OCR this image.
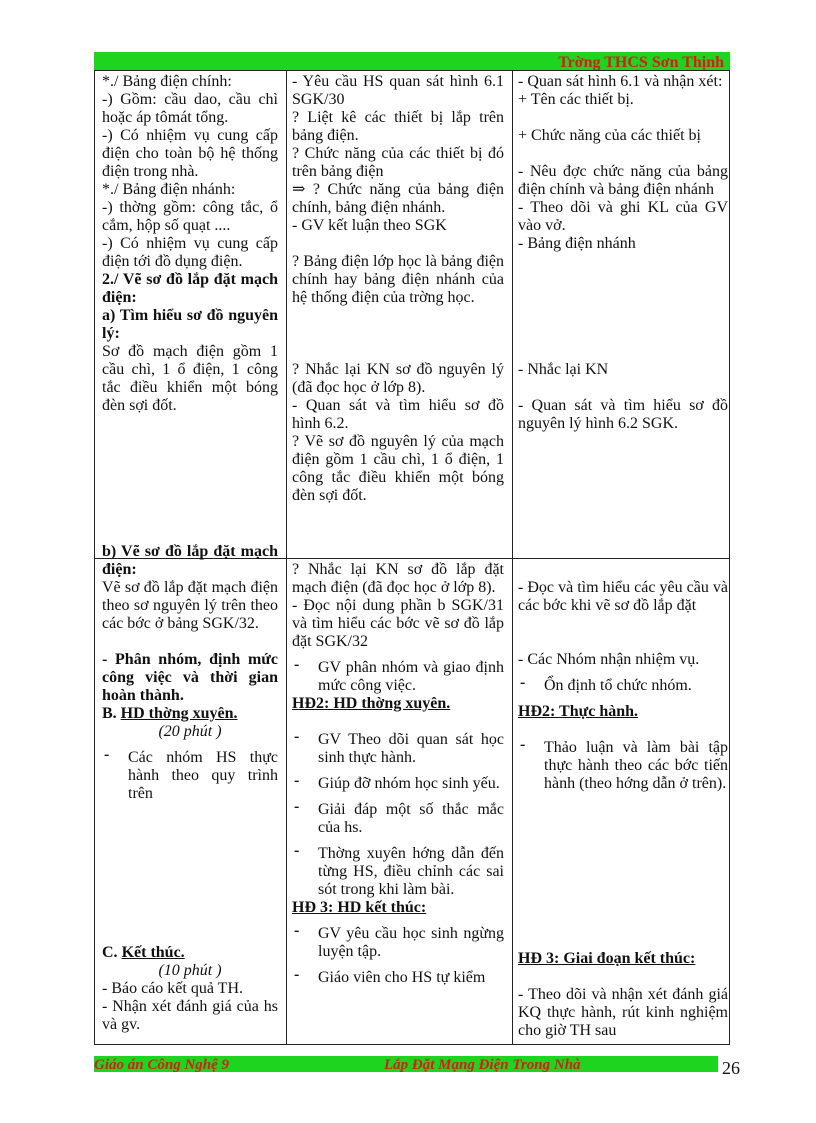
Trờng THCS Sơn Thịnh

*./ Bảng điện chính:

-) Gồm: cầu dao, cầu chì hoặc áp tômát tổng.

-) Có nhiệm vụ cung cấp điện cho toàn bộ hệ thống điện trong nhà.

*./ Bảng điện nhánh:

-) thờng gồm: công tắc, ổ cắm, hộp số quạt ....

-) Có nhiệm vụ cung cấp điện tới đồ dụng điện.

2./ Vẽ sơ đồ lắp đặt mạch điện:

a) Tìm hiểu sơ đồ nguyên lý:

Sơ đồ mạch điện gồm 1 cầu chì, 1 ổ điện, 1 công tắc điều khiển một bóng đèn sợi đốt.

b) Vẽ sơ đồ lắp đặt mạch điện:

Vẽ sơ đồ lắp đặt mạch điện theo sơ nguyên lý trên theo các bớc ở bảng SGK/32.

- Phân nhóm, định mức công việc và thời gian hoàn thành.

B. HD thờng xuyên.

(20 phút )

- Các nhóm HS thực hành theo quy trình trên

C. Kết thúc.

(10 phút )

- Báo cáo kết quả TH.

- Nhận xét đánh giá của hs và gv.

- Yêu cầu HS quan sát hình 6.1 SGK/30

? Liệt kê các thiết bị lắp trên bảng điện.

? Chức năng của các thiết bị đó trên bảng điện

⇒ ? Chức năng của bảng điện chính, bảng điện nhánh.

- GV kết luận theo SGK

? Bảng điện lớp học là bảng điện chính hay bảng điện nhánh của hệ thống điện của trờng học.

? Nhắc lại KN sơ đồ nguyên lý (đã đọc học ở lớp 8).

- Quan sát và tìm hiểu sơ đồ hình 6.2.

? Vẽ sơ đồ nguyên lý của mạch điện gồm 1 cầu chì, 1 ổ điện, 1 công tắc điều khiển một bóng đèn sợi đốt.

? Nhắc lại KN sơ đồ lắp đặt mạch điện (đã đọc học ở lớp 8).

- Đọc nội dung phần b SGK/31 và tìm hiểu các bớc vẽ sơ đồ lắp đặt SGK/32

- GV phân nhóm và giao định mức công việc.

HĐ2: HD thờng xuyên.

- GV Theo dõi quan sát học sinh thực hành.

- Giúp đỡ nhóm học sinh yếu.

- Giải đáp một số thắc mắc của hs.

- Thờng xuyên hớng dẫn đến từng HS, điều chỉnh các sai sót trong khi làm bài.

HĐ 3: HD kết thúc:

- GV yêu cầu học sinh ngừng luyện tập.

- Giáo viên cho HS tự kiểm

- Quan sát hình 6.1 và nhận xét:

+ Tên các thiết bị.

+ Chức năng của các thiết bị

- Nêu đợc chức năng của bảng điện chính và bảng điện nhánh

- Theo dõi và ghi KL của GV vào vở.

- Bảng điện nhánh

- Nhắc lại KN

- Quan sát và tìm hiểu sơ đồ nguyên lý hình 6.2 SGK.

- Đọc và tìm hiểu các yêu cầu và các bớc khi vẽ sơ đồ lắp đặt

- Các Nhóm nhận nhiệm vụ.

- Ổn định tổ chức nhóm.

HĐ2: Thực hành.

- Thảo luận và làm bài tập thực hành theo các bớc tiến hành (theo hớng dẫn ở trên).

HĐ 3: Giai đoạn kết thúc:

- Theo dõi và nhận xét đánh giá KQ thực hành, rút kinh nghiệm cho giờ TH sau

Giáo án Công Nghệ 9	Lắp Đặt Mạng Điện Trong Nhà	26
